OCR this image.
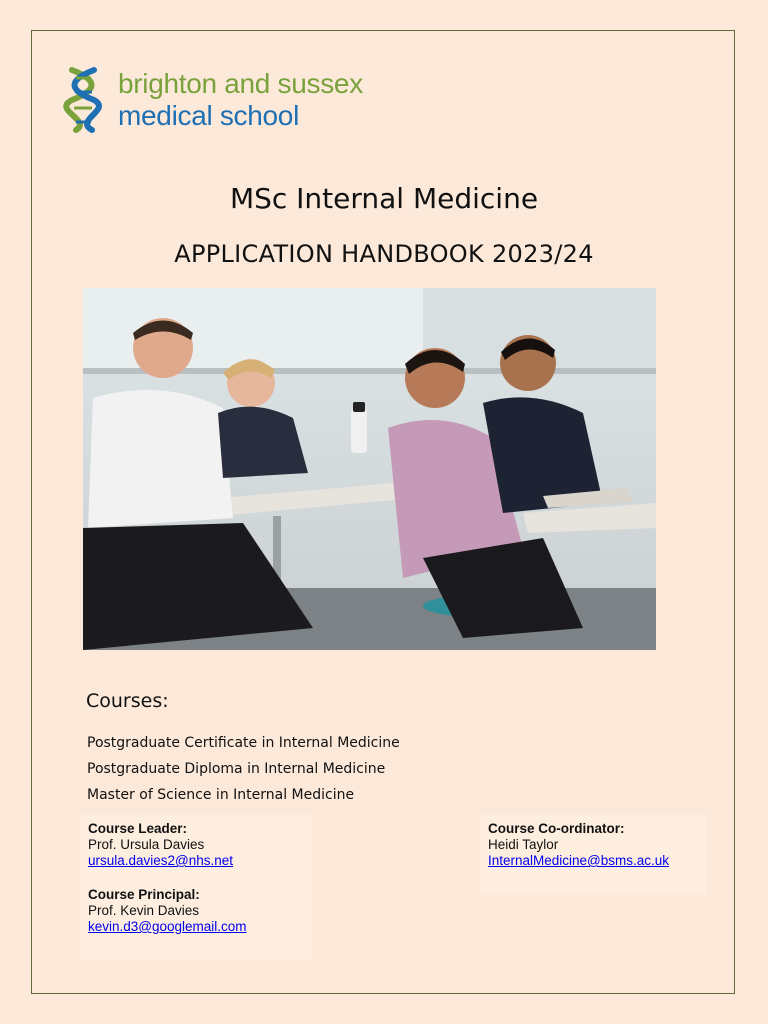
brighton and sussex
medical school
MSc Internal Medicine
APPLICATION HANDBOOK 2023/24
Courses:
Postgraduate Certificate in Internal Medicine
Postgraduate Diploma in Internal Medicine
Master of Science in Internal Medicine
Course Leader:
Prof. Ursula Davies
ursula.davies2@nhs.net
Course Principal:
Prof. Kevin Davies
kevin.d3@googlemail.com
Course Co-ordinator:
Heidi Taylor
InternalMedicine@bsms.ac.uk
